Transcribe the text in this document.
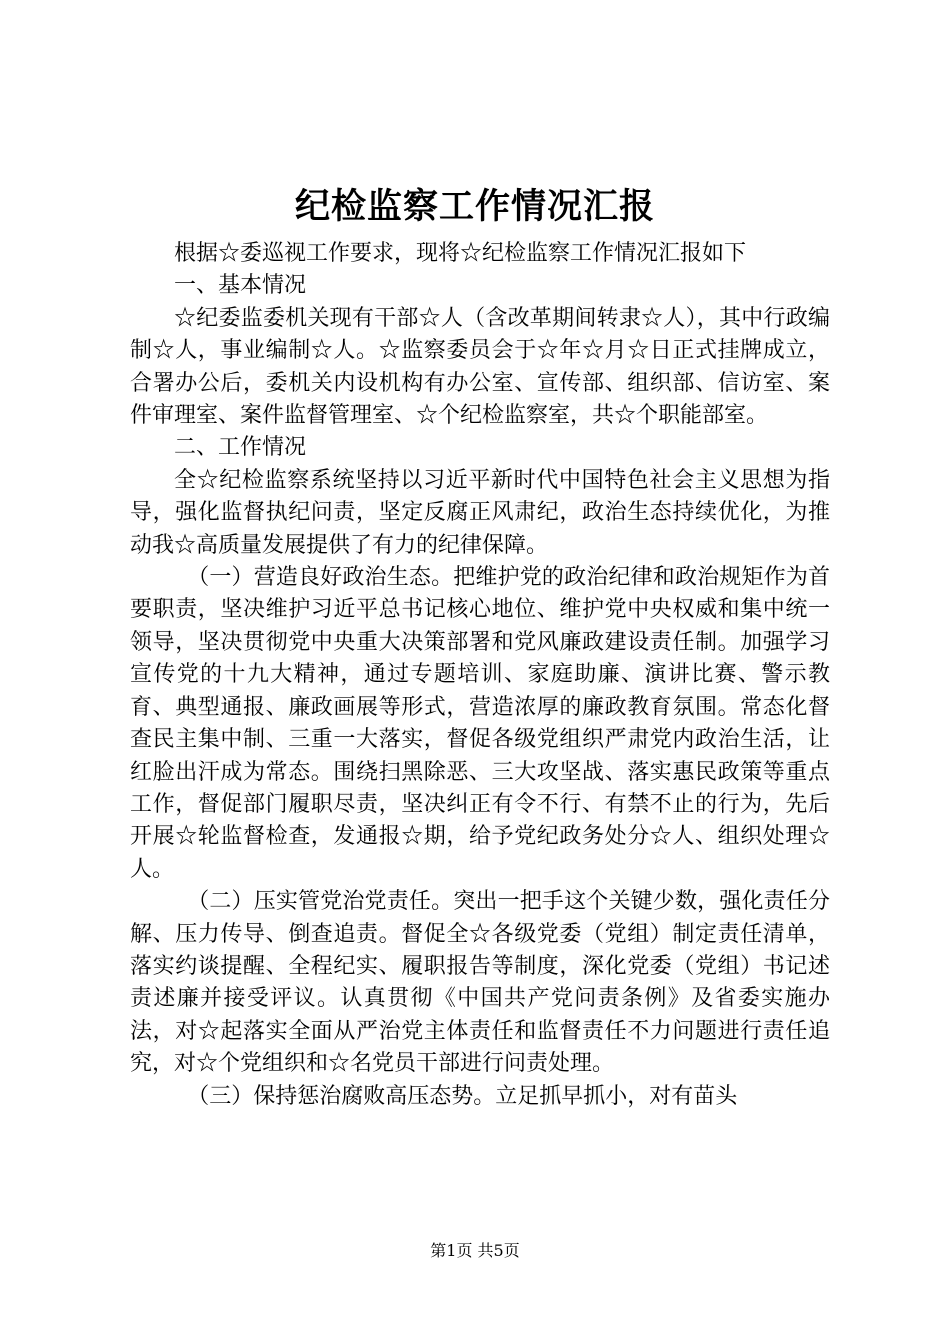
纪检监察工作情况汇报

根据☆委巡视工作要求，现将☆纪检监察工作情况汇报如下

一、基本情况

☆纪委监委机关现有干部☆人（含改革期间转隶☆人），其中行政编制☆人，事业编制☆人。☆监察委员会于☆年☆月☆日正式挂牌成立，合署办公后，委机关内设机构有办公室、宣传部、组织部、信访室、案件审理室、案件监督管理室、☆个纪检监察室，共☆个职能部室。

二、工作情况

全☆纪检监察系统坚持以习近平新时代中国特色社会主义思想为指导，强化监督执纪问责，坚定反腐正风肃纪，政治生态持续优化，为推动我☆高质量发展提供了有力的纪律保障。

（一）营造良好政治生态。把维护党的政治纪律和政治规矩作为首要职责，坚决维护习近平总书记核心地位、维护党中央权威和集中统一领导，坚决贯彻党中央重大决策部署和党风廉政建设责任制。加强学习宣传党的十九大精神，通过专题培训、家庭助廉、演讲比赛、警示教育、典型通报、廉政画展等形式，营造浓厚的廉政教育氛围。常态化督查民主集中制、三重一大落实，督促各级党组织严肃党内政治生活，让红脸出汗成为常态。围绕扫黑除恶、三大攻坚战、落实惠民政策等重点工作，督促部门履职尽责，坚决纠正有令不行、有禁不止的行为，先后开展☆轮监督检查，发通报☆期，给予党纪政务处分☆人、组织处理☆人。

（二）压实管党治党责任。突出一把手这个关键少数，强化责任分解、压力传导、倒查追责。督促全☆各级党委（党组）制定责任清单，落实约谈提醒、全程纪实、履职报告等制度，深化党委（党组）书记述责述廉并接受评议。认真贯彻《中国共产党问责条例》及省委实施办法，对☆起落实全面从严治党主体责任和监督责任不力问题进行责任追究，对☆个党组织和☆名党员干部进行问责处理。

（三）保持惩治腐败高压态势。立足抓早抓小，对有苗头

第1页 共5页
